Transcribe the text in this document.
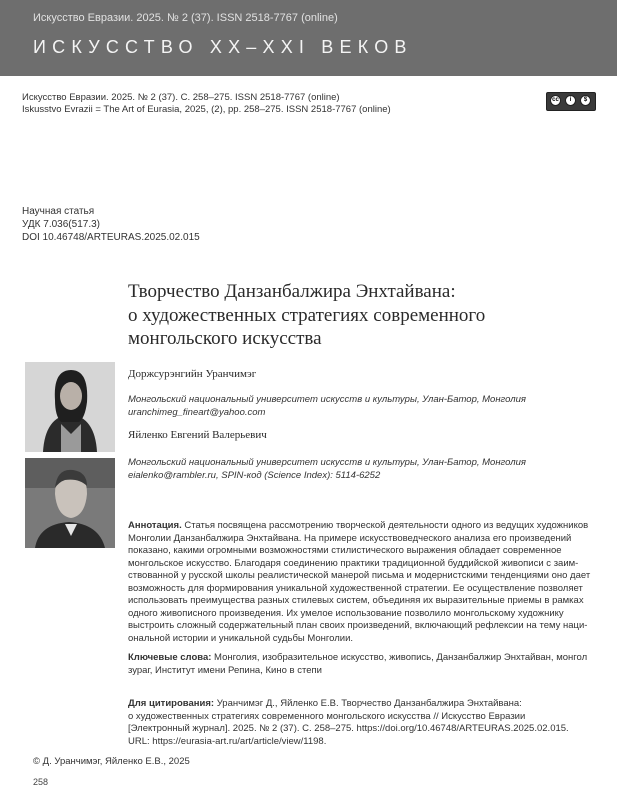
Искусство Евразии. 2025. № 2 (37). ISSN 2518-7767 (online)
ИСКУССТВО XX–XXI ВЕКОВ
Искусство Евразии. 2025. № 2 (37). С. 258–275. ISSN 2518-7767 (online)
Iskusstvo Evrazii = The Art of Eurasia, 2025, (2), pp. 258–275. ISSN 2518-7767 (online)
cc	i	$
Научная статья
УДК 7.036(517.3)
DOI 10.46748/ARTEURAS.2025.02.015
Творчество Данзанбалжира Энхтайвана:
о художественных стратегиях современного
монгольского искусства
Доржсурэнгийн Уранчимэг
Монгольский национальный университет искусств и культуры, Улан-Батор, Монголия
uranchimeg_fineart@yahoo.com
Яйленко Евгений Валерьевич
Монгольский национальный университет искусств и культуры, Улан-Батор, Монголия
eialenko@rambler.ru, SPIN-код (Science Index): 5114-6252
Аннотация. Статья посвящена рассмотрению творческой деятельности одного из ведущих художников
Монголии Данзанбалжира Энхтайвана. На примере искусствоведческого анализа его произведений
показано, какими огромными возможностями стилистического выражения обладает современное
монгольское искусство. Благодаря соединению практики традиционной буддийской живописи с заим-
ствованной у русской школы реалистической манерой письма и модернистскими тенденциями оно дает
возможность для формирования уникальной художественной стратегии. Ее осуществление позволяет
использовать преимущества разных стилевых систем, объединяя их выразительные приемы в рамках
одного живописного произведения. Их умелое использование позволило монгольскому художнику
выстроить сложный содержательный план своих произведений, включающий рефлексии на тему наци-
ональной истории и уникальной судьбы Монголии.
Ключевые слова: Монголия, изобразительное искусство, живопись, Данзанбалжир Энхтайван, монгол
зураг, Институт имени Репина, Кино в степи
Для цитирования: Уранчимэг Д., Яйленко Е.В. Творчество Данзанбалжира Энхтайвана:
о художественных стратегиях современного монгольского искусства // Искусство Евразии
[Электронный журнал]. 2025. № 2 (37). С. 258–275. https://doi.org/10.46748/ARTEURAS.2025.02.015.
URL: https://eurasia-art.ru/art/article/view/1198.
© Д. Уранчимэг, Яйленко Е.В., 2025
258
